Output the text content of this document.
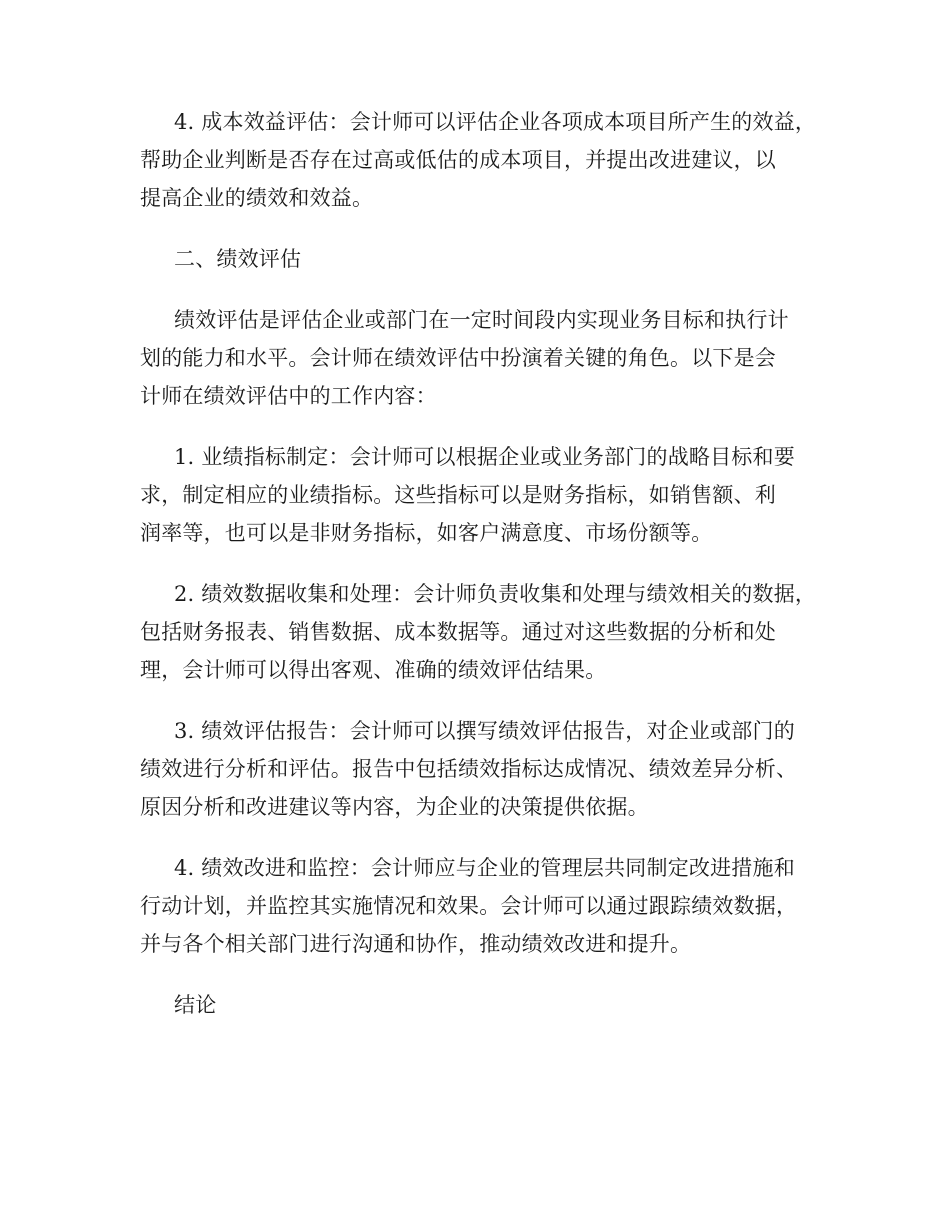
4. 成本效益评估：会计师可以评估企业各项成本项目所产生的效益，
帮助企业判断是否存在过高或低估的成本项目，并提出改进建议，以
提高企业的绩效和效益。

二、绩效评估

绩效评估是评估企业或部门在一定时间段内实现业务目标和执行计
划的能力和水平。会计师在绩效评估中扮演着关键的角色。以下是会
计师在绩效评估中的工作内容：

1. 业绩指标制定：会计师可以根据企业或业务部门的战略目标和要
求，制定相应的业绩指标。这些指标可以是财务指标，如销售额、利
润率等，也可以是非财务指标，如客户满意度、市场份额等。

2. 绩效数据收集和处理：会计师负责收集和处理与绩效相关的数据，
包括财务报表、销售数据、成本数据等。通过对这些数据的分析和处
理，会计师可以得出客观、准确的绩效评估结果。

3. 绩效评估报告：会计师可以撰写绩效评估报告，对企业或部门的
绩效进行分析和评估。报告中包括绩效指标达成情况、绩效差异分析、
原因分析和改进建议等内容，为企业的决策提供依据。

4. 绩效改进和监控：会计师应与企业的管理层共同制定改进措施和
行动计划，并监控其实施情况和效果。会计师可以通过跟踪绩效数据，
并与各个相关部门进行沟通和协作，推动绩效改进和提升。

结论
